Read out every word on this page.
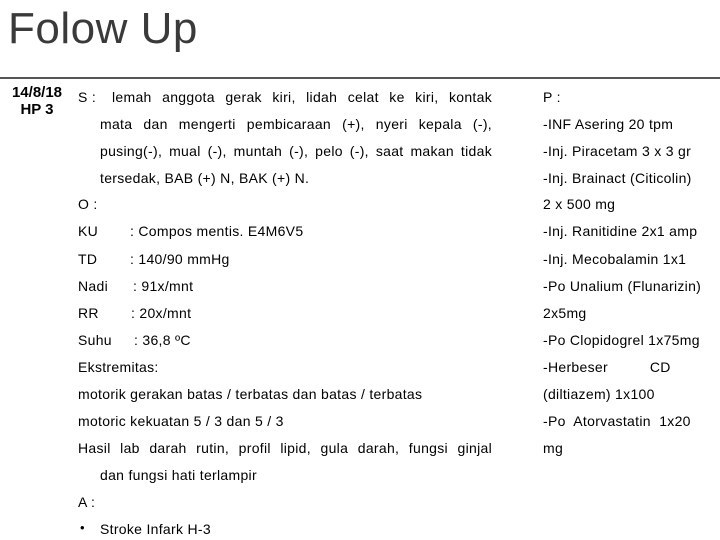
Folow Up
14/8/18
HP 3
S : lemah anggota gerak kiri, lidah celat ke kiri, kontak
mata dan mengerti pembicaraan (+), nyeri kepala (-),
pusing(-), mual (-), muntah (-), pelo (-), saat makan tidak
tersedak, BAB (+) N, BAK (+) N.
O :
KU : Compos mentis. E4M6V5
TD : 140/90 mmHg
Nadi : 91x/mnt
RR : 20x/mnt
Suhu : 36,8 ºC
Ekstremitas:
motorik gerakan batas / terbatas dan batas / terbatas
motoric kekuatan 5 / 3 dan 5 / 3
Hasil lab darah rutin, profil lipid, gula darah, fungsi ginjal
dan fungsi hati terlampir
A :
• Stroke Infark H-3
P :
-INF Asering 20 tpm
-Inj. Piracetam 3 x 3 gr
-Inj. Brainact (Citicolin)
2 x 500 mg
-Inj. Ranitidine 2x1 amp
-Inj. Mecobalamin 1x1
-Po Unalium (Flunarizin)
2x5mg
-Po Clopidogrel 1x75mg
-Herbeser          CD
(diltiazem) 1x100
-Po  Atorvastatin  1x20
mg
